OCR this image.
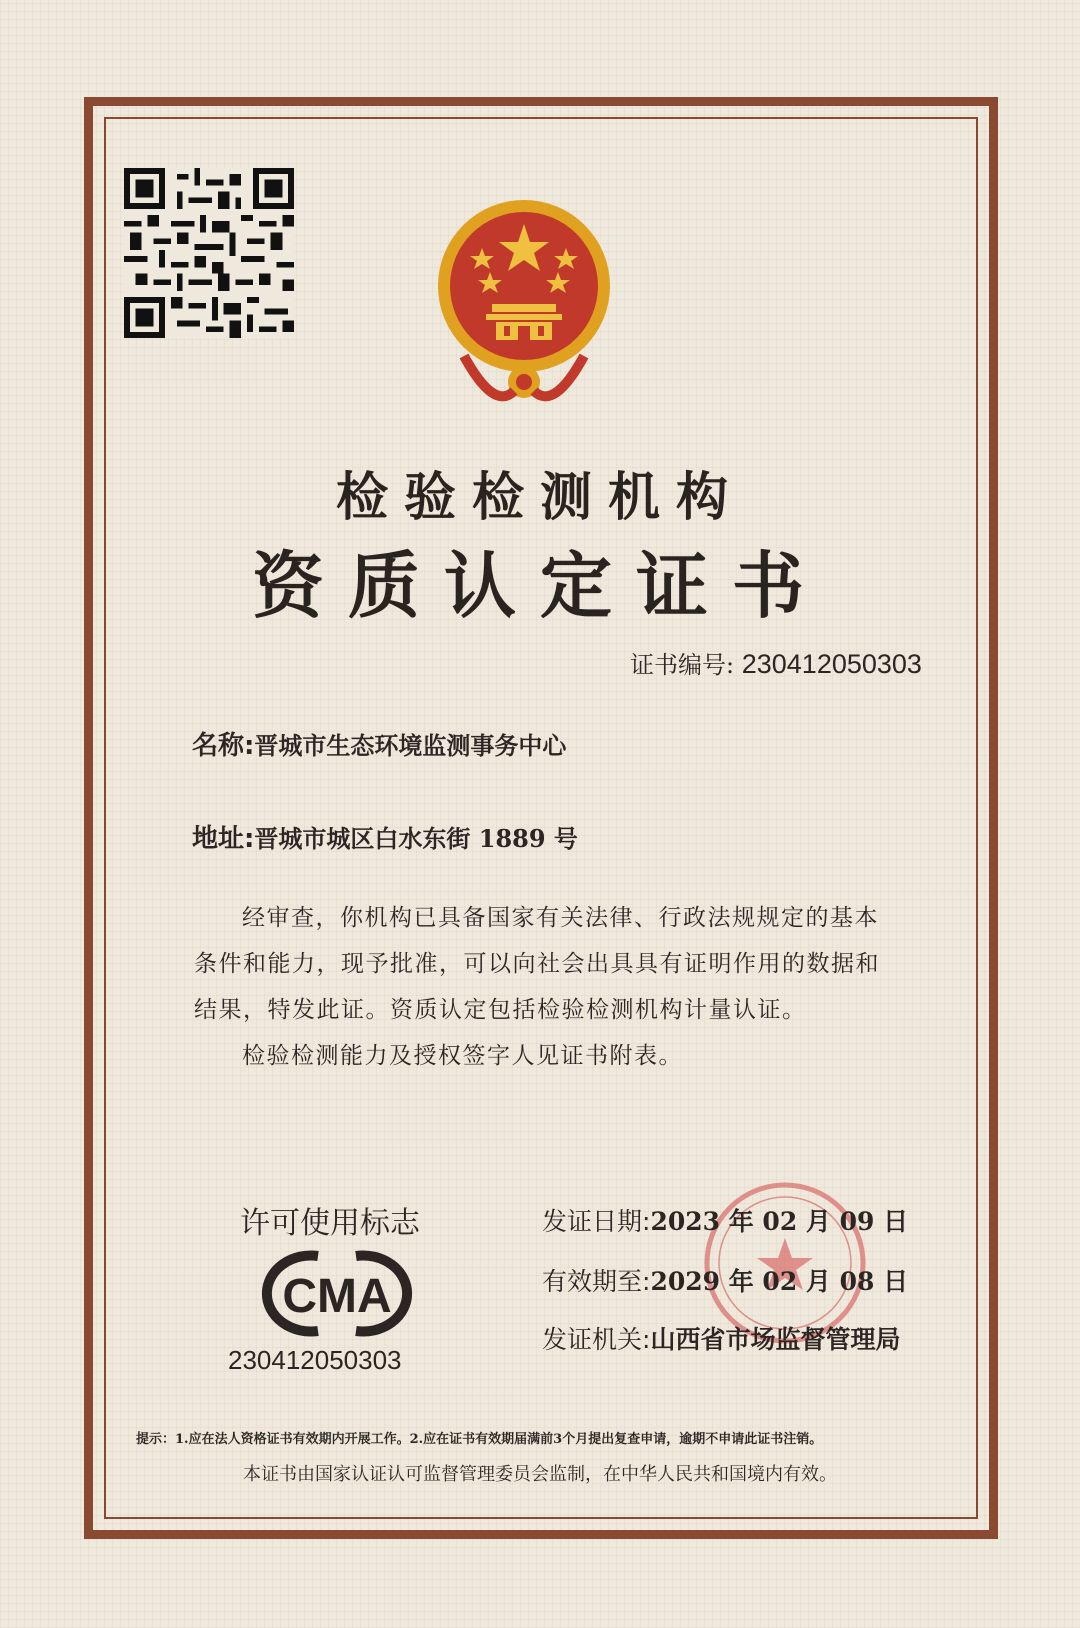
检验检测机构
资质认定证书
证书编号: 230412050303
名称:晋城市生态环境监测事务中心
地址:晋城市城区白水东街 1889 号

经审查，你机构已具备国家有关法律、行政法规规定的基本条件和能力，现予批准，可以向社会出具具有证明作用的数据和结果，特发此证。资质认定包括检验检测机构计量认证。

检验检测能力及授权签字人见证书附表。

许可使用标志
CMA
230412050303
发证日期:2023 年 02 月 09 日
有效期至:2029 年 02 月 08 日
发证机关:山西省市场监督管理局
提示：1.应在法人资格证书有效期内开展工作。2.应在证书有效期届满前3个月提出复查申请，逾期不申请此证书注销。
本证书由国家认证认可监督管理委员会监制，在中华人民共和国境内有效。
